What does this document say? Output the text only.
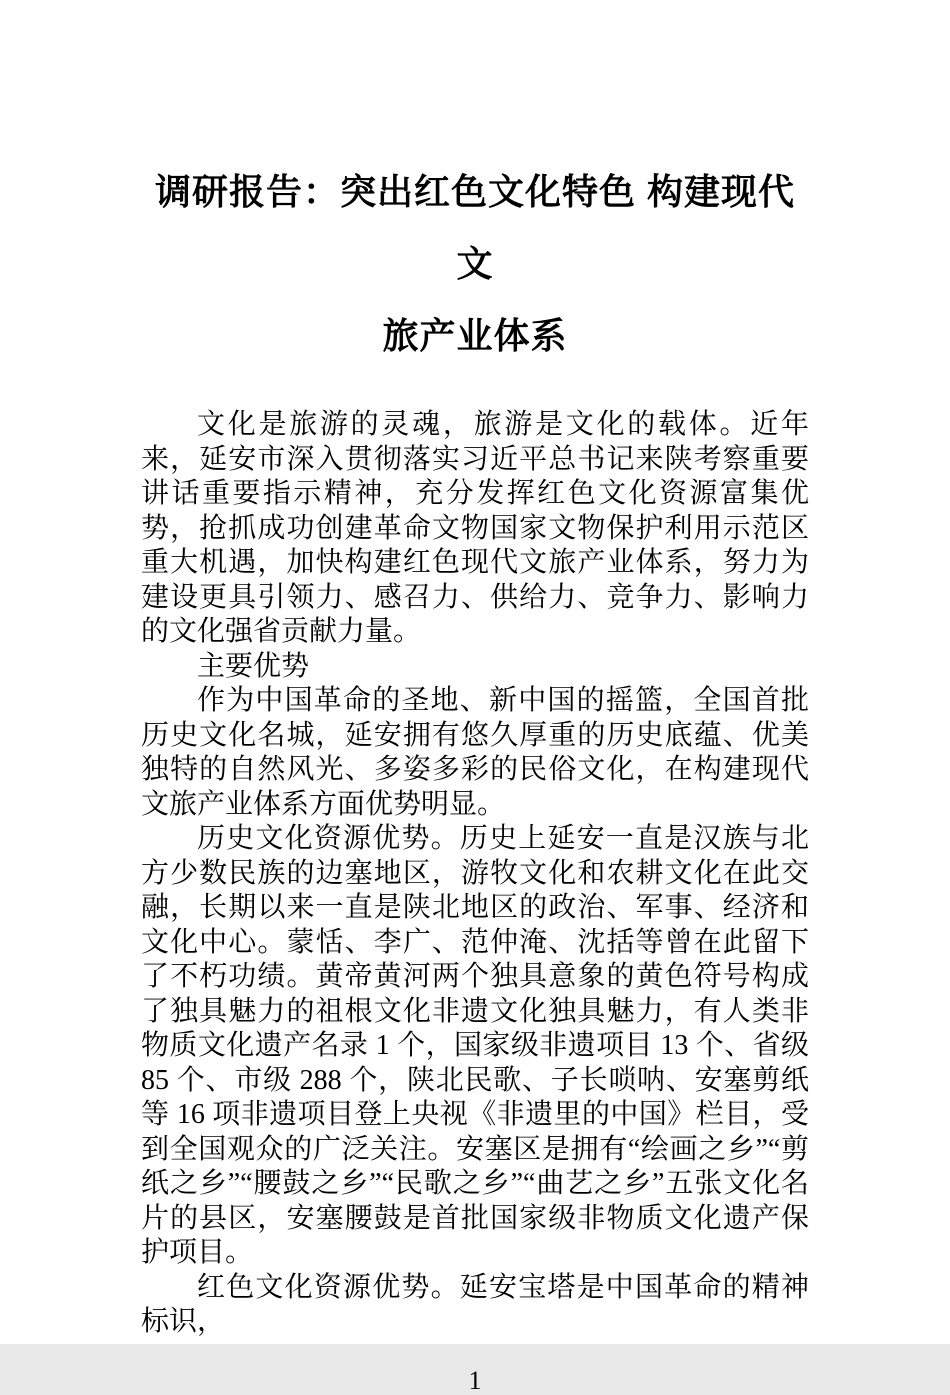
调研报告：突出红色文化特色 构建现代文
旅产业体系

文化是旅游的灵魂，旅游是文化的载体。近年来，延安市深入贯彻落实习近平总书记来陕考察重要讲话重要指示精神，充分发挥红色文化资源富集优势，抢抓成功创建革命文物国家文物保护利用示范区重大机遇，加快构建红色现代文旅产业体系，努力为建设更具引领力、感召力、供给力、竞争力、影响力的文化强省贡献力量。

主要优势

作为中国革命的圣地、新中国的摇篮，全国首批历史文化名城，延安拥有悠久厚重的历史底蕴、优美独特的自然风光、多姿多彩的民俗文化，在构建现代文旅产业体系方面优势明显。

历史文化资源优势。历史上延安一直是汉族与北方少数民族的边塞地区，游牧文化和农耕文化在此交融，长期以来一直是陕北地区的政治、军事、经济和文化中心。蒙恬、李广、范仲淹、沈括等曾在此留下了不朽功绩。黄帝黄河两个独具意象的黄色符号构成了独具魅力的祖根文化非遗文化独具魅力，有人类非物质文化遗产名录 1 个，国家级非遗项目 13 个、省级 85 个、市级 288 个，陕北民歌、子长唢呐、安塞剪纸等 16 项非遗项目登上央视《非遗里的中国》栏目，受到全国观众的广泛关注。安塞区是拥有“绘画之乡”“剪纸之乡”“腰鼓之乡”“民歌之乡”“曲艺之乡”五张文化名片的县区，安塞腰鼓是首批国家级非物质文化遗产保护项目。

红色文化资源优势。延安宝塔是中国革命的精神标识，

1
